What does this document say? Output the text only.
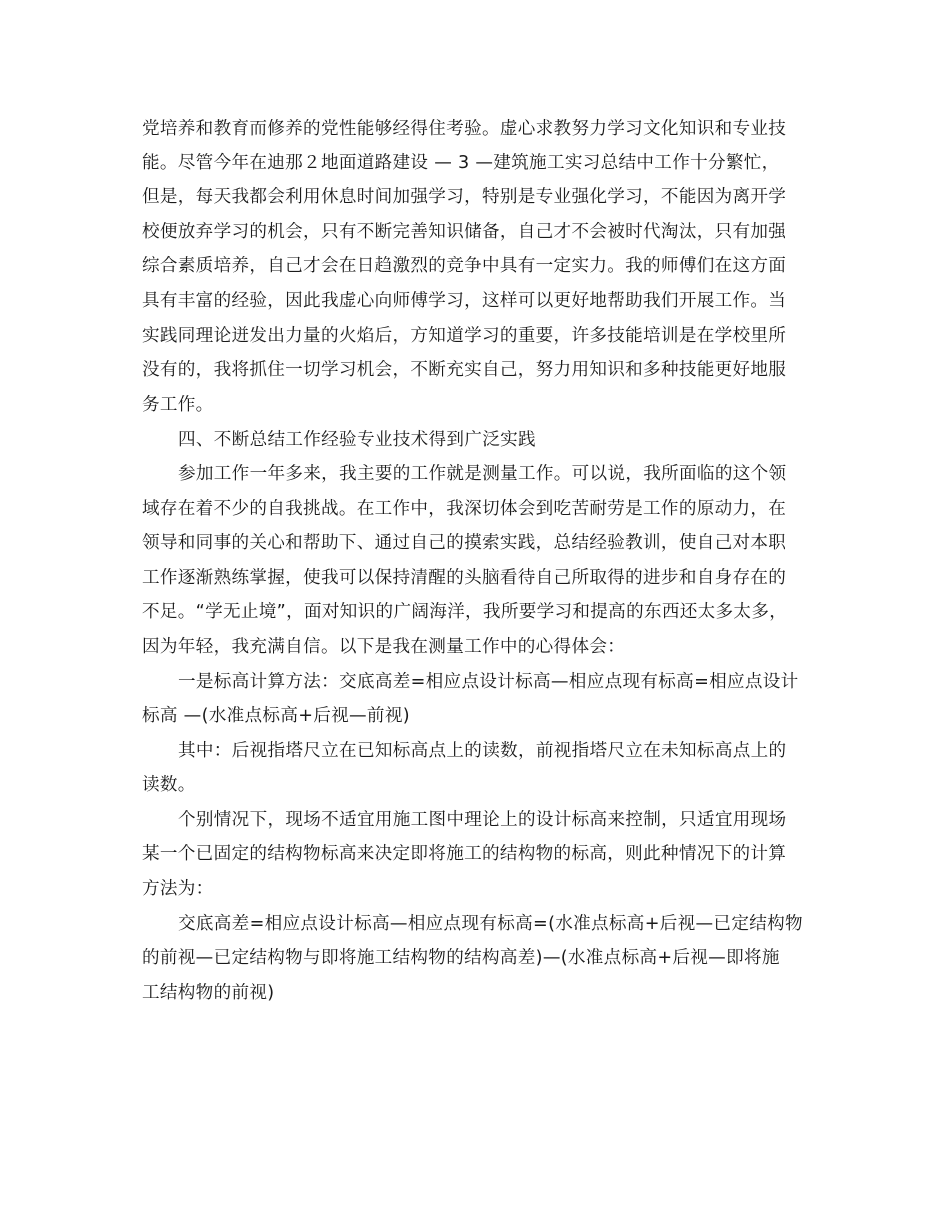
党培养和教育而修养的党性能够经得住考验。虚心求教努力学习文化知识和专业技
能。尽管今年在迪那２地面道路建设 — 3 —建筑施工实习总结中工作十分繁忙，
但是，每天我都会利用休息时间加强学习，特别是专业强化学习，不能因为离开学
校便放弃学习的机会，只有不断完善知识储备，自己才不会被时代淘汰，只有加强
综合素质培养，自己才会在日趋激烈的竞争中具有一定实力。我的师傅们在这方面
具有丰富的经验，因此我虚心向师傅学习，这样可以更好地帮助我们开展工作。当
实践同理论迸发出力量的火焰后，方知道学习的重要，许多技能培训是在学校里所
没有的，我将抓住一切学习机会，不断充实自己，努力用知识和多种技能更好地服
务工作。
四、不断总结工作经验专业技术得到广泛实践
参加工作一年多来，我主要的工作就是测量工作。可以说，我所面临的这个领
域存在着不少的自我挑战。在工作中，我深切体会到吃苦耐劳是工作的原动力，在
领导和同事的关心和帮助下、通过自己的摸索实践，总结经验教训，使自己对本职
工作逐渐熟练掌握，使我可以保持清醒的头脑看待自己所取得的进步和自身存在的
不足。“学无止境”，面对知识的广阔海洋，我所要学习和提高的东西还太多太多，
因为年轻，我充满自信。以下是我在测量工作中的心得体会：
一是标高计算方法：交底高差=相应点设计标高—相应点现有标高=相应点设计
标高 —(水准点标高+后视—前视)
其中：后视指塔尺立在已知标高点上的读数，前视指塔尺立在未知标高点上的
读数。
个别情况下，现场不适宜用施工图中理论上的设计标高来控制，只适宜用现场
某一个已固定的结构物标高来决定即将施工的结构物的标高，则此种情况下的计算
方法为：
交底高差=相应点设计标高—相应点现有标高=(水准点标高+后视—已定结构物
的前视—已定结构物与即将施工结构物的结构高差)—(水准点标高+后视—即将施
工结构物的前视)
